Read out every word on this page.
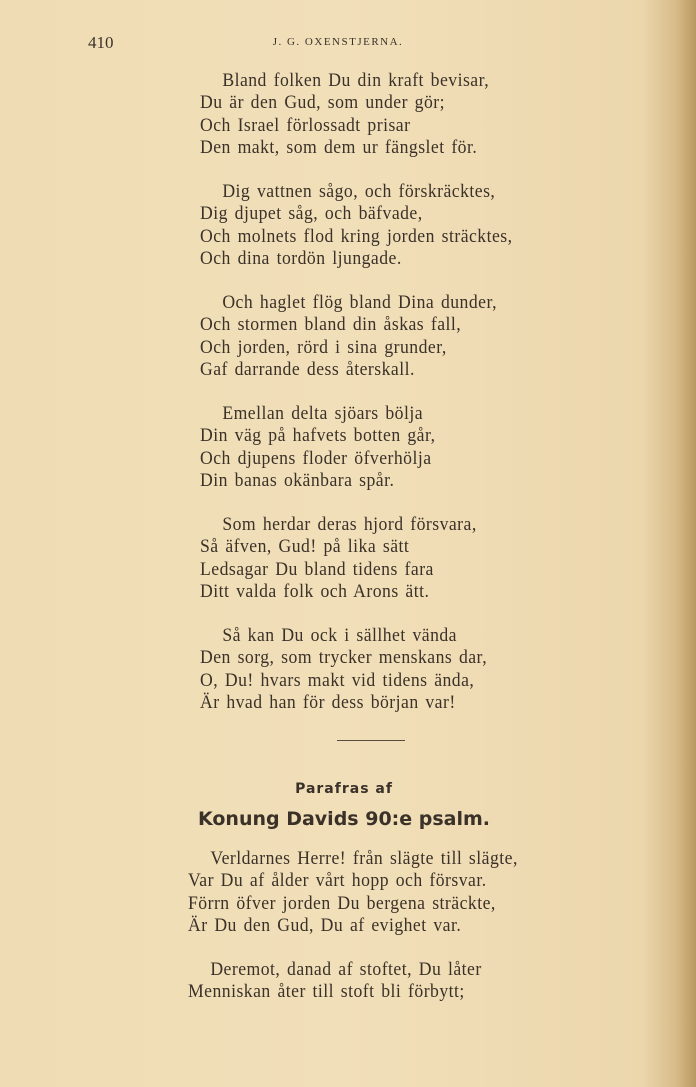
410	J. G. OXENSTJERNA.
Bland folken Du din kraft bevisar,
Du är den Gud, som under gör;
Och Israel förlossadt prisar
Den makt, som dem ur fängslet för.
Dig vattnen sågo, och förskräcktes,
Dig djupet såg, och bäfvade,
Och molnets flod kring jorden sträcktes,
Och dina tordön ljungade.
Och haglet flög bland Dina dunder,
Och stormen bland din åskas fall,
Och jorden, rörd i sina grunder,
Gaf darrande dess återskall.
Emellan delta sjöars bölja
Din väg på hafvets botten går,
Och djupens floder öfverhölja
Din banas okänbara spår.
Som herdar deras hjord försvara,
Så äfven, Gud! på lika sätt
Ledsagar Du bland tidens fara
Ditt valda folk och Arons ätt.
Så kan Du ock i sällhet vända
Den sorg, som trycker menskans dar,
O, Du! hvars makt vid tidens ända,
Är hvad han för dess början var!
Parafras af
Konung Davids 90:e psalm.
Verldarnes Herre! från slägte till slägte,
Var Du af ålder vårt hopp och försvar.
Förrn öfver jorden Du bergena sträckte,
Är Du den Gud, Du af evighet var.
Deremot, danad af stoftet, Du låter
Menniskan åter till stoft bli förbytt;
